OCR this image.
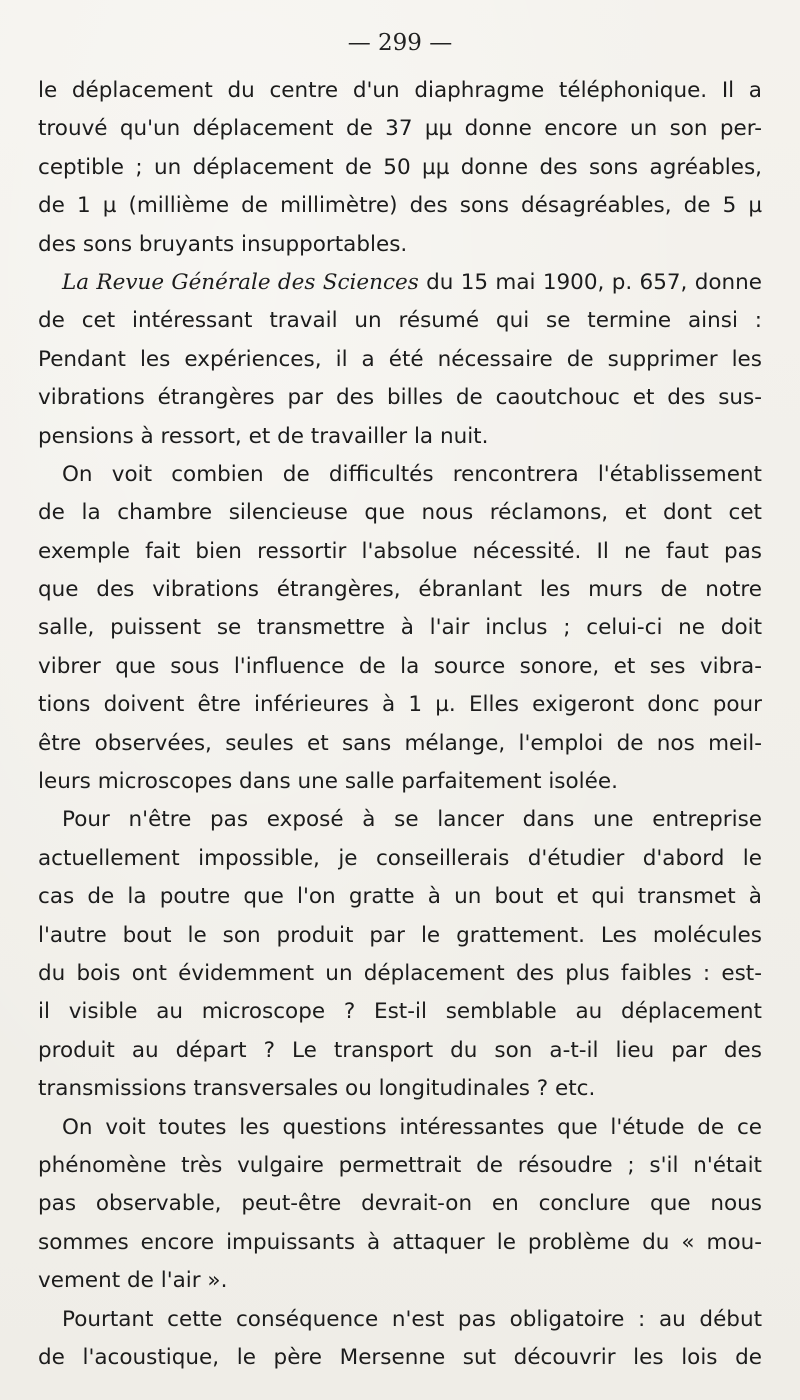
— 299 —
le déplacement du centre d'un diaphragme téléphonique. Il a
trouvé qu'un déplacement de 37 µµ donne encore un son per-
ceptible ; un déplacement de 50 µµ donne des sons agréables,
de 1 µ (millième de millimètre) des sons désagréables, de 5 µ
des sons bruyants insupportables.
La Revue Générale des Sciences du 15 mai 1900, p. 657, donne
de cet intéressant travail un résumé qui se termine ainsi :
Pendant les expériences, il a été nécessaire de supprimer les
vibrations étrangères par des billes de caoutchouc et des sus-
pensions à ressort, et de travailler la nuit.
On voit combien de difficultés rencontrera l'établissement
de la chambre silencieuse que nous réclamons, et dont cet
exemple fait bien ressortir l'absolue nécessité. Il ne faut pas
que des vibrations étrangères, ébranlant les murs de notre
salle, puissent se transmettre à l'air inclus ; celui-ci ne doit
vibrer que sous l'influence de la source sonore, et ses vibra-
tions doivent être inférieures à 1 µ. Elles exigeront donc pour
être observées, seules et sans mélange, l'emploi de nos meil-
leurs microscopes dans une salle parfaitement isolée.
Pour n'être pas exposé à se lancer dans une entreprise
actuellement impossible, je conseillerais d'étudier d'abord le
cas de la poutre que l'on gratte à un bout et qui transmet à
l'autre bout le son produit par le grattement. Les molécules
du bois ont évidemment un déplacement des plus faibles : est-
il visible au microscope ? Est-il semblable au déplacement
produit au départ ? Le transport du son a-t-il lieu par des
transmissions transversales ou longitudinales ? etc.
On voit toutes les questions intéressantes que l'étude de ce
phénomène très vulgaire permettrait de résoudre ; s'il n'était
pas observable, peut-être devrait-on en conclure que nous
sommes encore impuissants à attaquer le problème du « mou-
vement de l'air ».
Pourtant cette conséquence n'est pas obligatoire : au début
de l'acoustique, le père Mersenne sut découvrir les lois de
